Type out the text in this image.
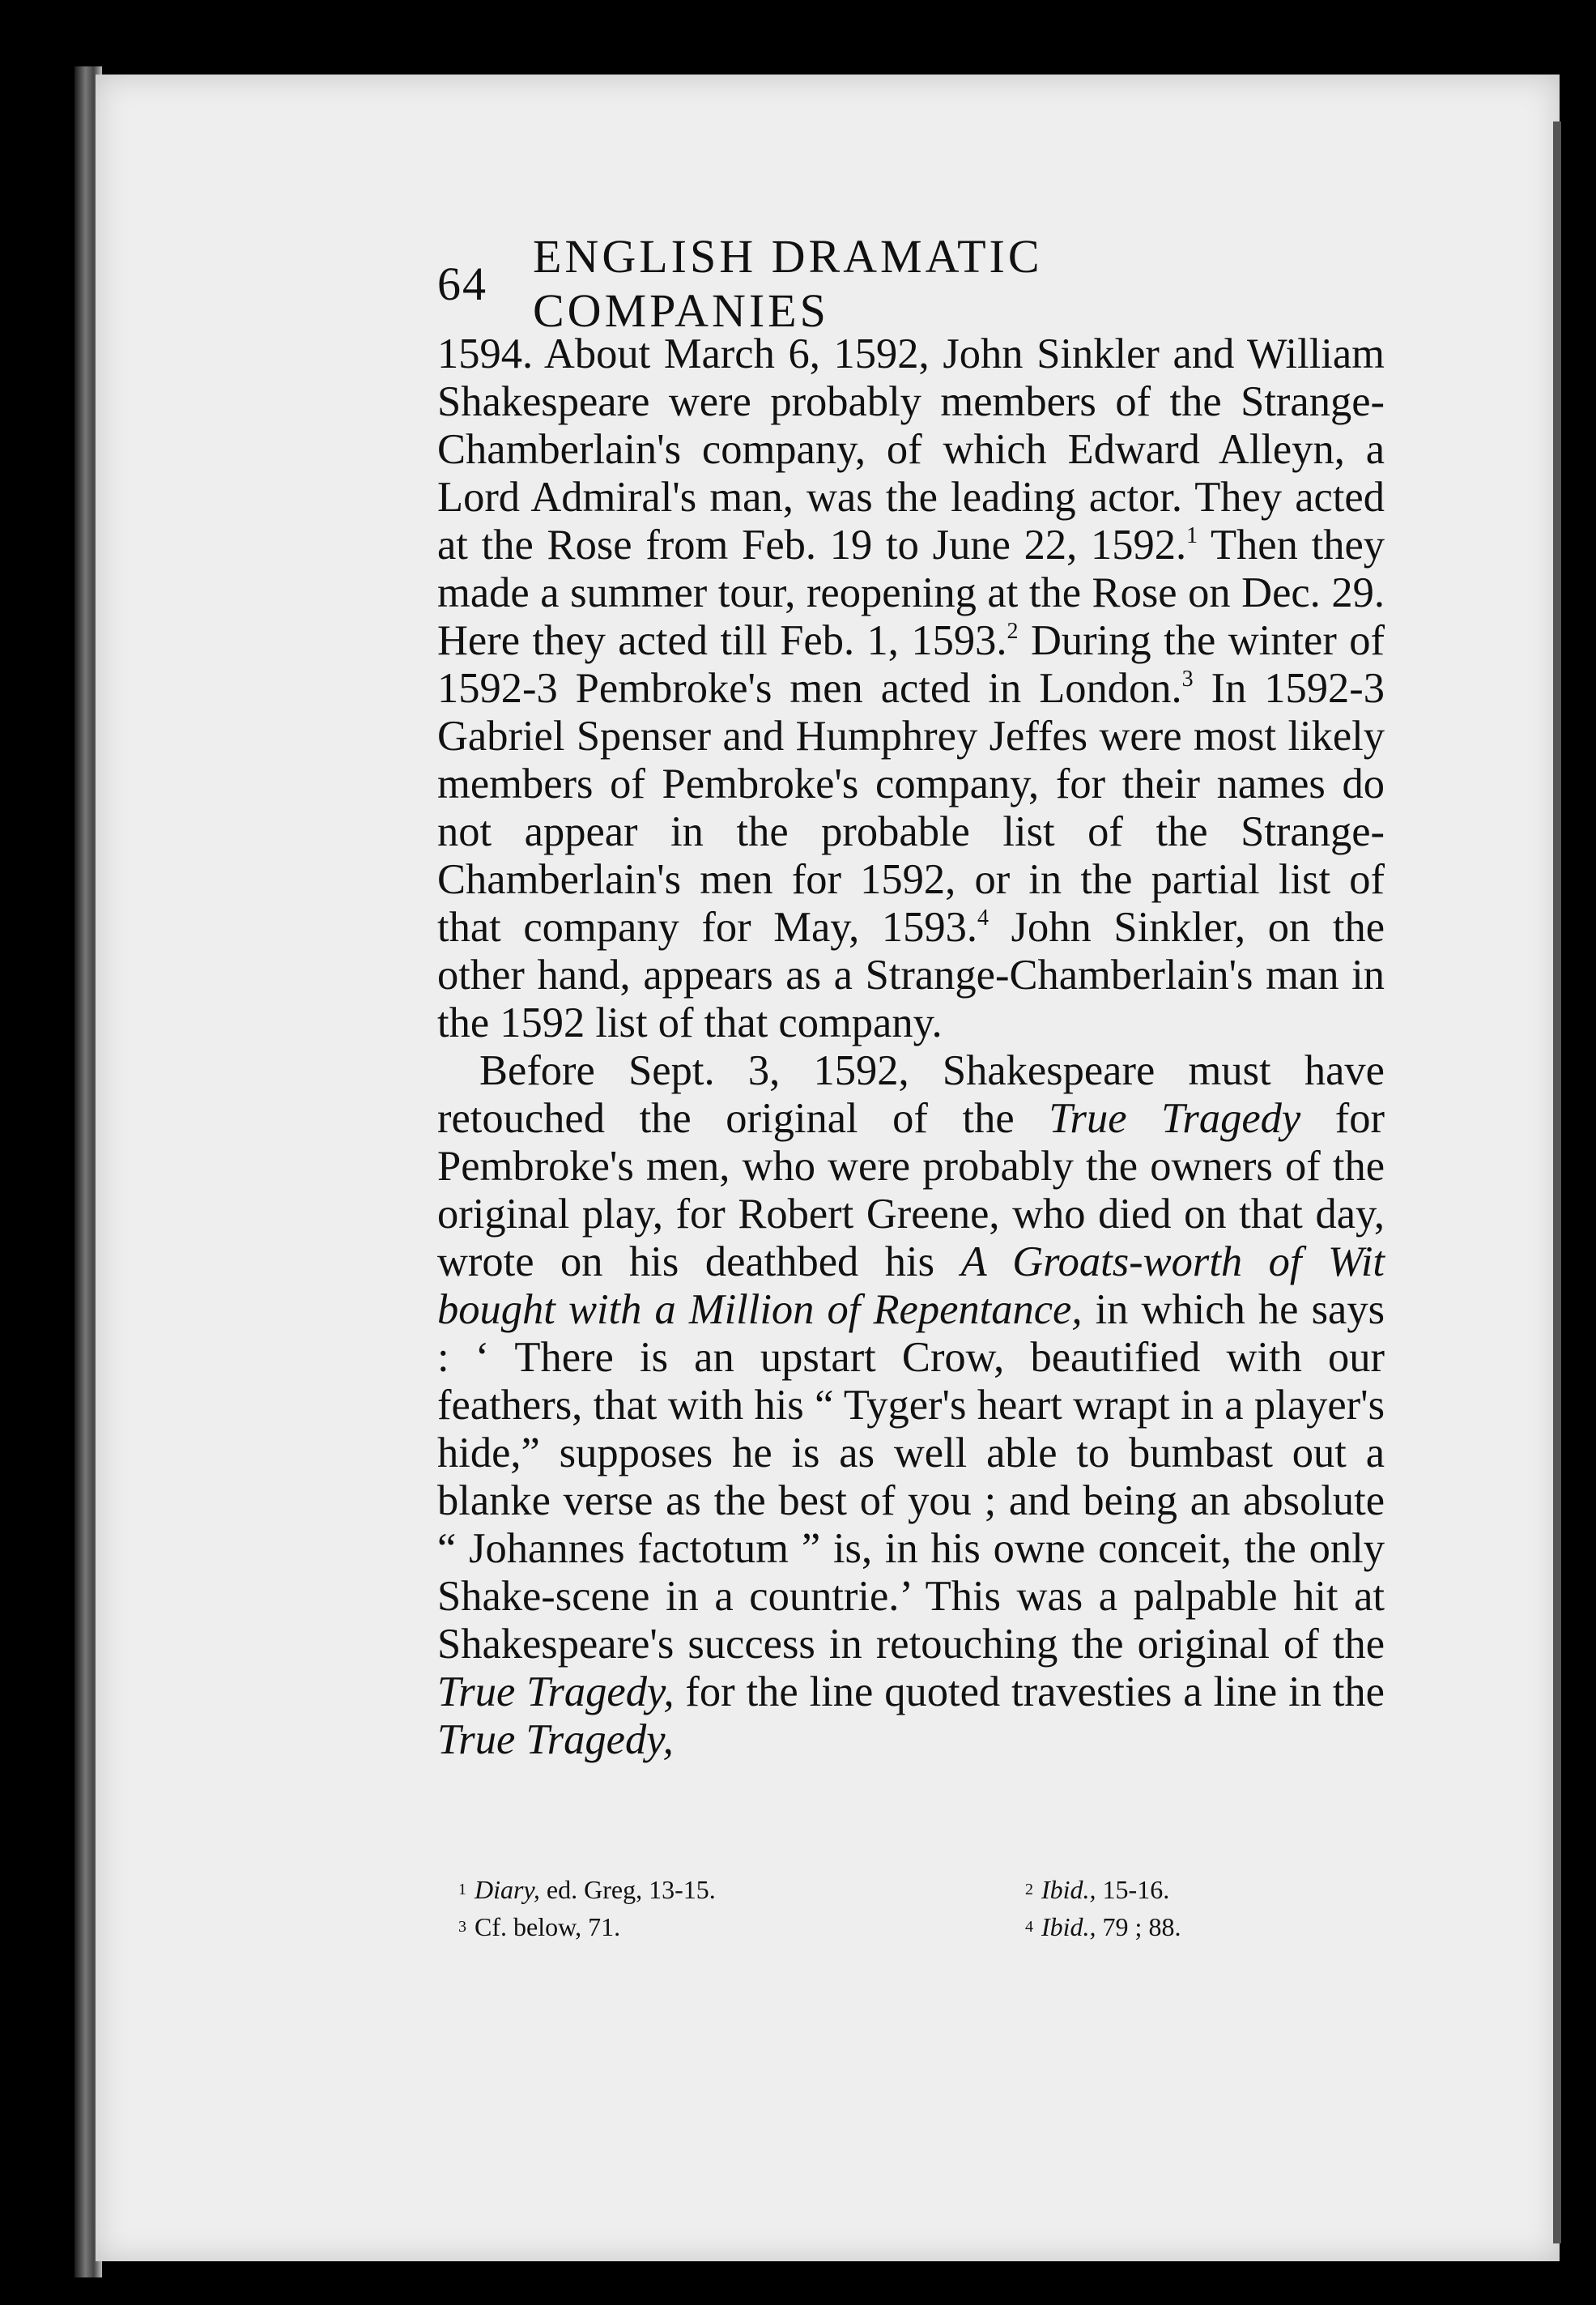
64
ENGLISH DRAMATIC COMPANIES

1594. About March 6, 1592, John Sinkler and William Shakespeare were probably members of the Strange-Chamberlain's company, of which Edward Alleyn, a Lord Admiral's man, was the leading actor. They acted at the Rose from Feb. 19 to June 22, 1592.$^1$ Then they made a summer tour, reopening at the Rose on Dec. 29. Here they acted till Feb. 1, 1593.$^2$ During the winter of 1592-3 Pembroke's men acted in London.$^3$ In 1592-3 Gabriel Spenser and Humphrey Jeffes were most likely members of Pembroke's company, for their names do not appear in the probable list of the Strange-Chamberlain's men for 1592, or in the partial list of that company for May, 1593.$^4$ John Sinkler, on the other hand, appears as a Strange-Chamberlain's man in the 1592 list of that company.

Before Sept. 3, 1592, Shakespeare must have retouched the original of the True Tragedy for Pembroke's men, who were probably the owners of the original play, for Robert Greene, who died on that day, wrote on his deathbed his A Groats-worth of Wit bought with a Million of Repentance, in which he says : ‘ There is an upstart Crow, beautified with our feathers, that with his “ Tyger's heart wrapt in a player's hide,” supposes he is as well able to bumbast out a blanke verse as the best of you ; and being an absolute “ Johannes factotum ” is, in his owne conceit, the only Shake-scene in a countrie.’ This was a palpable hit at Shakespeare's success in retouching the original of the True Tragedy, for the line quoted travesties a line in the True Tragedy,

$^1$ Diary, ed. Greg, 13-15.	$^2$ Ibid., 15-16.
$^3$ Cf. below, 71.	$^4$ Ibid., 79 ; 88.
